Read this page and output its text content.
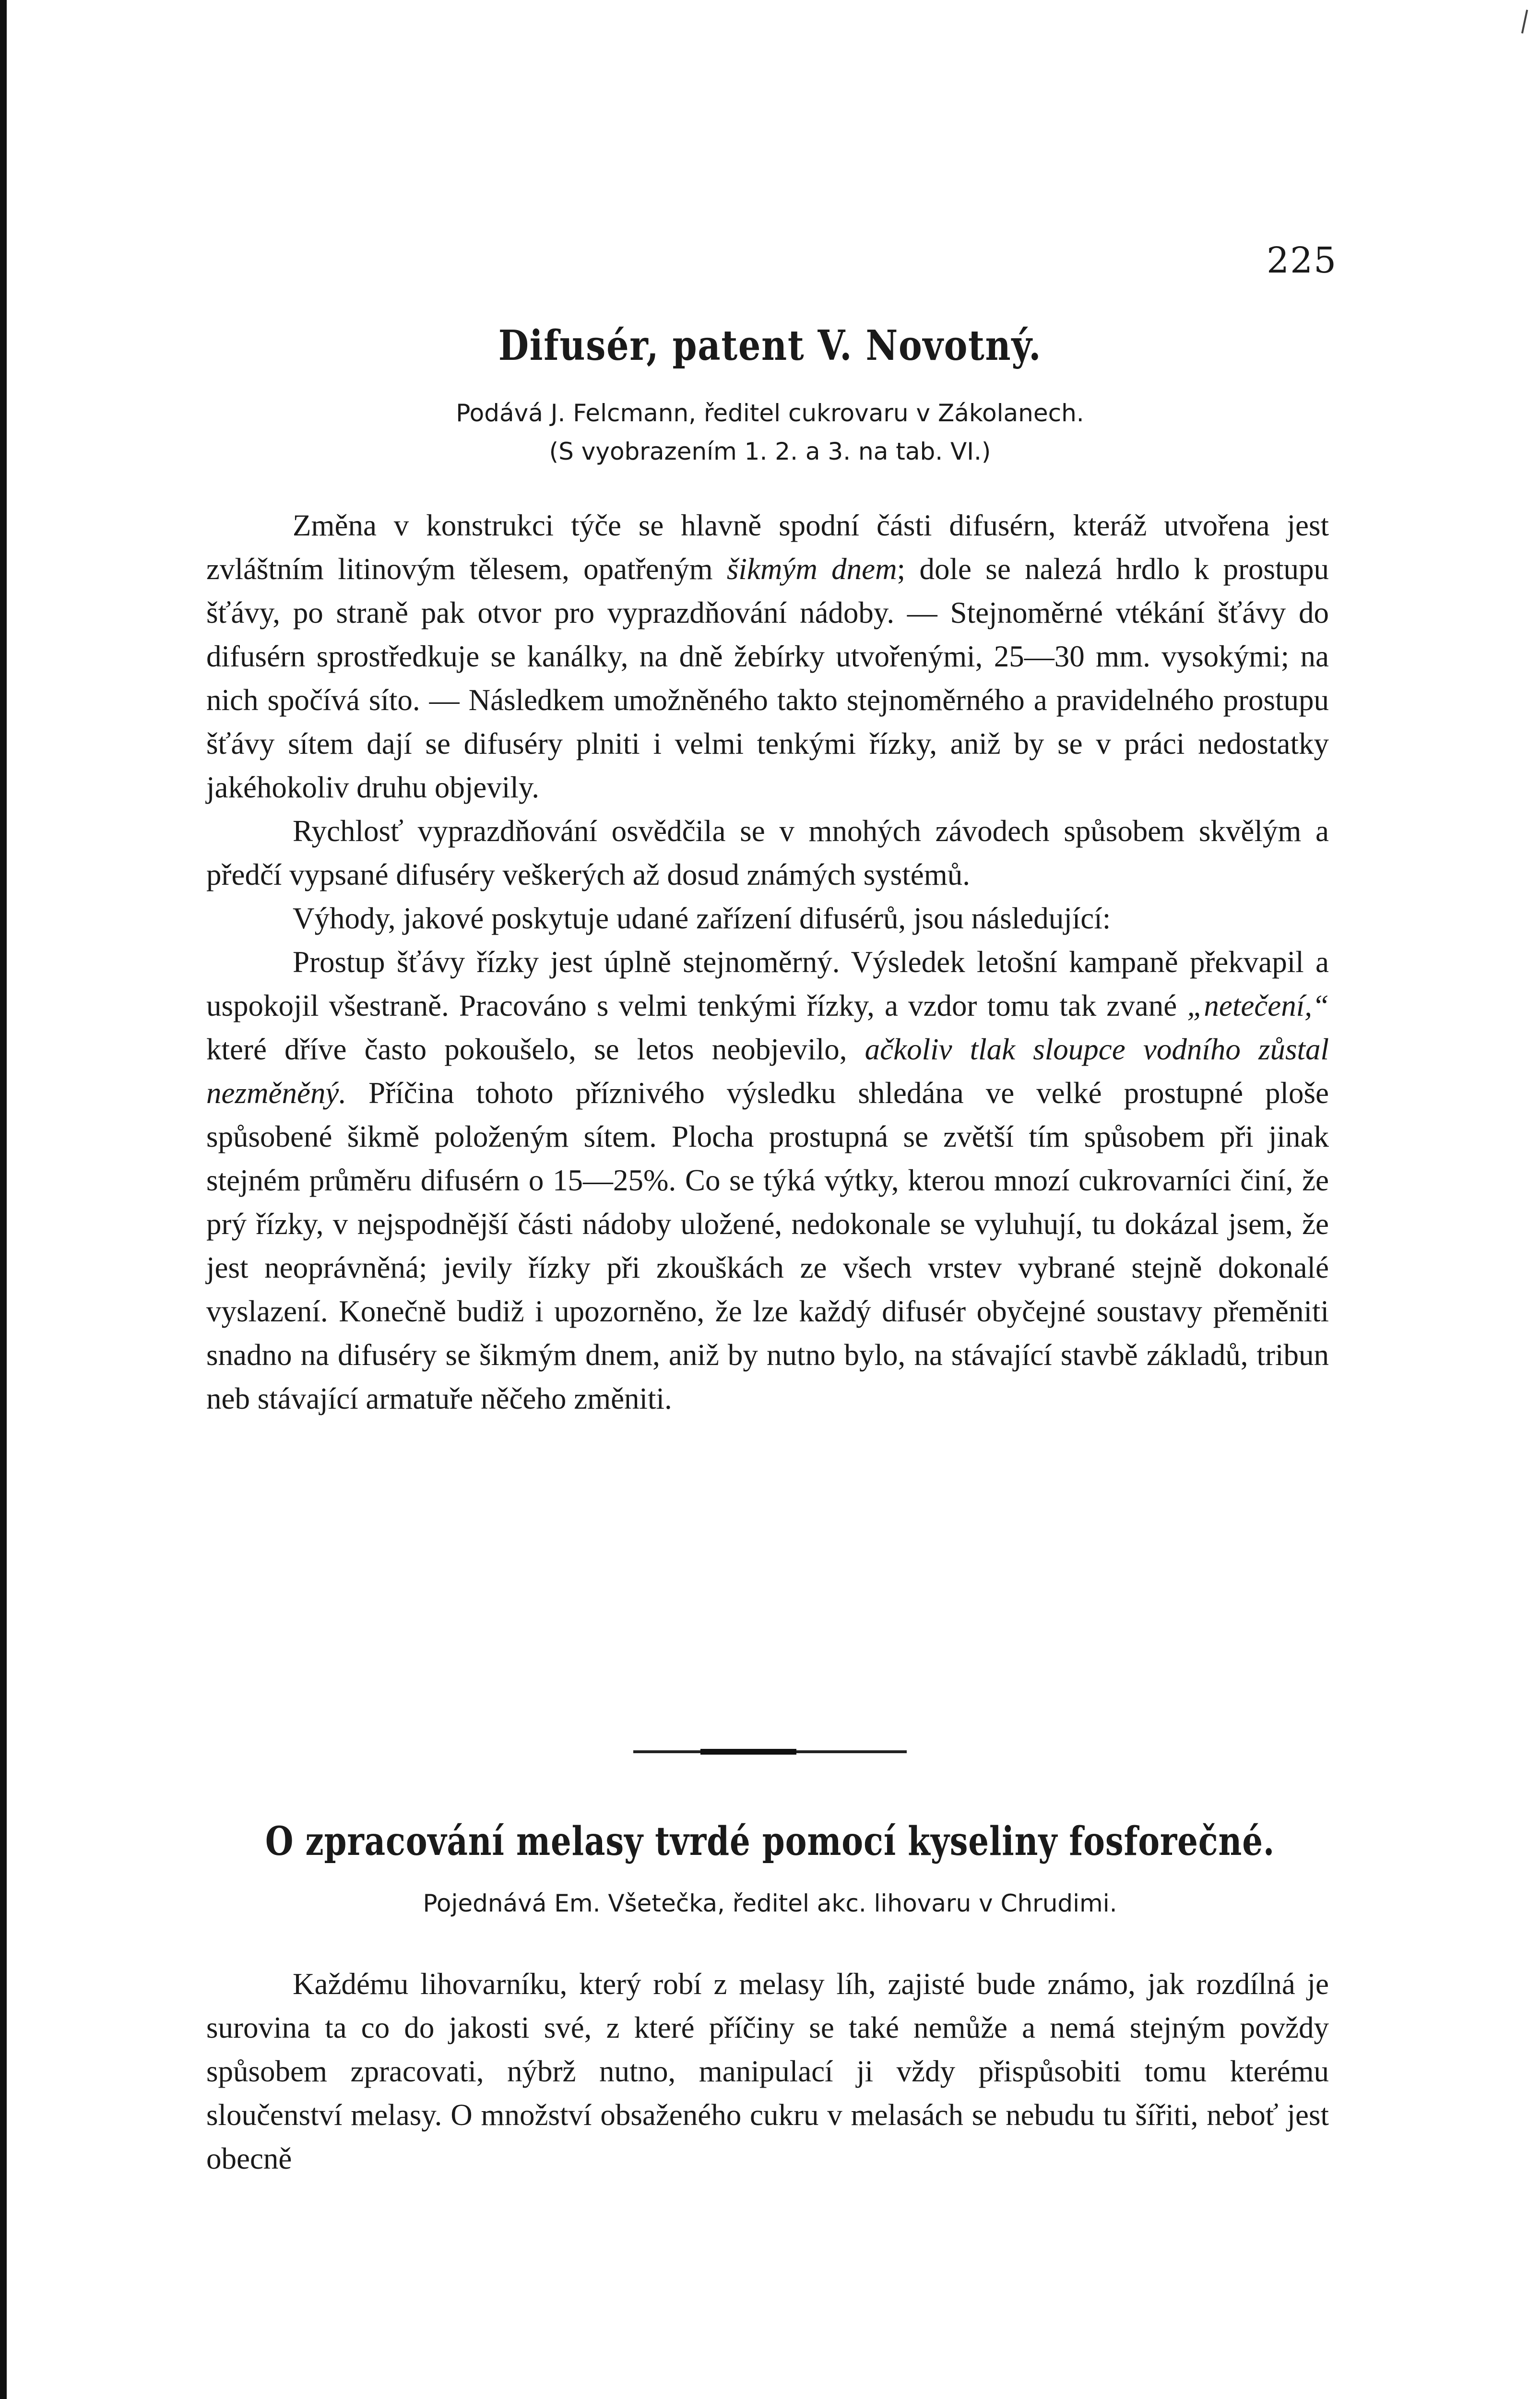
225
Difusér, patent V. Novotný.
Podává J. Felcmann, ředitel cukrovaru v Zákolanech.
(S vyobrazením 1. 2. a 3. na tab. VI.)

Změna v konstrukci týče se hlavně spodní části difusérn, kteráž utvořena jest zvláštním litinovým tělesem, opatřeným šikmým dnem; dole se nalezá hrdlo k prostupu šťávy, po straně pak otvor pro vyprazdňování nádoby. — Stejnoměrné vtékání šťávy do difusérn sprostředkuje se kanálky, na dně žebírky utvořenými, 25—30 mm. vysokými; na nich spočívá síto. — Následkem umožněného takto stejnoměrného a pravidelného prostupu šťávy sítem dají se difuséry plniti i velmi tenkými řízky, aniž by se v práci nedostatky jakéhokoliv druhu objevily.

Rychlosť vyprazdňování osvědčila se v mnohých závodech spůsobem skvělým a předčí vypsané difuséry veškerých až dosud známých systémů.

Výhody, jakové poskytuje udané zařízení difusérů, jsou následující:

Prostup šťávy řízky jest úplně stejnoměrný. Výsledek letošní kampaně překvapil a uspokojil všestraně. Pracováno s velmi tenkými řízky, a vzdor tomu tak zvané „netečení,“ které dříve často pokoušelo, se letos neobjevilo, ačkoliv tlak sloupce vodního zůstal nezměněný. Příčina tohoto příznivého výsledku shledána ve velké prostupné ploše spůsobené šikmě položeným sítem. Plocha prostupná se zvětší tím spůsobem při jinak stejném průměru difusérn o 15—25%. Co se týká výtky, kterou mnozí cukrovarníci činí, že prý řízky, v nejspodnější části nádoby uložené, nedokonale se vyluhují, tu dokázal jsem, že jest neoprávněná; jevily řízky při zkouškách ze všech vrstev vybrané stejně dokonalé vyslazení. Konečně budiž i upozorněno, že lze každý difusér obyčejné soustavy přeměniti snadno na difuséry se šikmým dnem, aniž by nutno bylo, na stávající stavbě základů, tribun neb stávající armatuře něčeho změniti.

O zpracování melasy tvrdé pomocí kyseliny fosforečné.
Pojednává Em. Všetečka, ředitel akc. lihovaru v Chrudimi.

Každému lihovarníku, který robí z melasy líh, zajisté bude známo, jak rozdílná je surovina ta co do jakosti své, z které příčiny se také nemůže a nemá stejným povždy spůsobem zpracovati, nýbrž nutno, manipulací ji vždy přispůsobiti tomu kterému sloučenství melasy. O množství obsaženého cukru v melasách se nebudu tu šířiti, neboť jest obecně
